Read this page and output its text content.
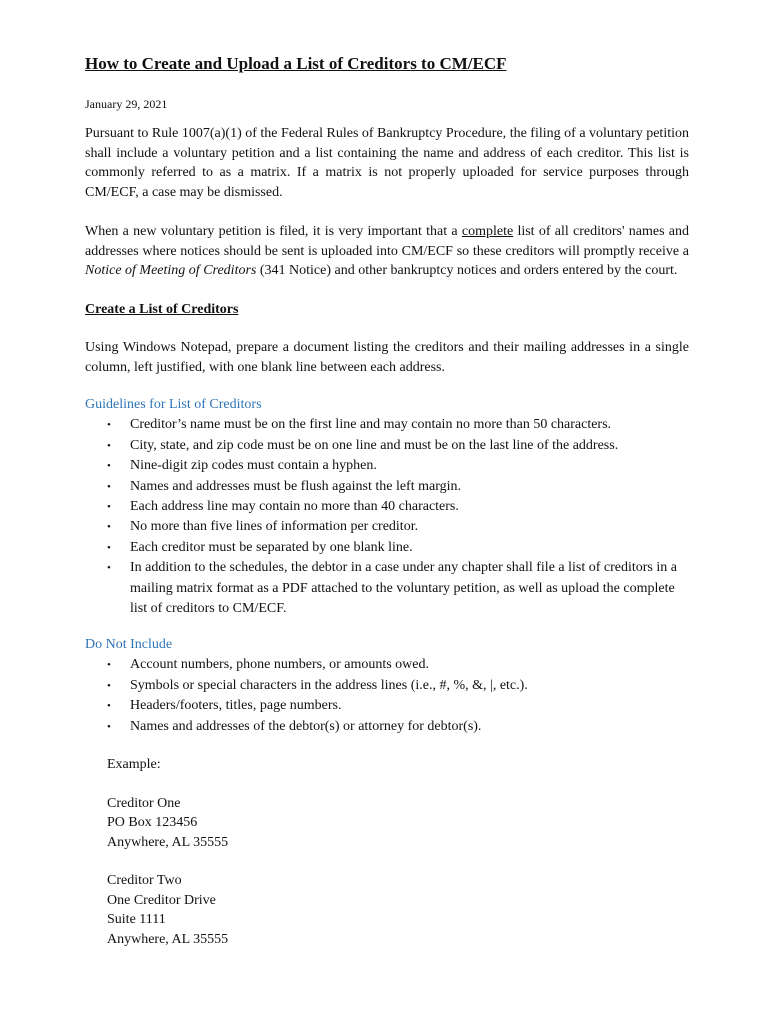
How to Create and Upload a List of Creditors to CM/ECF
January 29, 2021

Pursuant to Rule 1007(a)(1) of the Federal Rules of Bankruptcy Procedure, the filing of a voluntary petition shall include a voluntary petition and a list containing the name and address of each creditor. This list is commonly referred to as a matrix. If a matrix is not properly uploaded for service purposes through CM/ECF, a case may be dismissed.

When a new voluntary petition is filed, it is very important that a complete list of all creditors' names and addresses where notices should be sent is uploaded into CM/ECF so these creditors will promptly receive a Notice of Meeting of Creditors (341 Notice) and other bankruptcy notices and orders entered by the court.

Create a List of Creditors

Using Windows Notepad, prepare a document listing the creditors and their mailing addresses in a single column, left justified, with one blank line between each address.

Guidelines for List of Creditors
• Creditor’s name must be on the first line and may contain no more than 50 characters.
• City, state, and zip code must be on one line and must be on the last line of the address.
• Nine-digit zip codes must contain a hyphen.
• Names and addresses must be flush against the left margin.
• Each address line may contain no more than 40 characters.
• No more than five lines of information per creditor.
• Each creditor must be separated by one blank line.
• In addition to the schedules, the debtor in a case under any chapter shall file a list of creditors in a mailing matrix format as a PDF attached to the voluntary petition, as well as upload the complete list of creditors to CM/ECF.
Do Not Include
• Account numbers, phone numbers, or amounts owed.
• Symbols or special characters in the address lines (i.e., #, %, &, |, etc.).
• Headers/footers, titles, page numbers.
• Names and addresses of the debtor(s) or attorney for debtor(s).
Example:
Creditor One
PO Box 123456
Anywhere, AL 35555
Creditor Two
One Creditor Drive
Suite 1111
Anywhere, AL 35555
